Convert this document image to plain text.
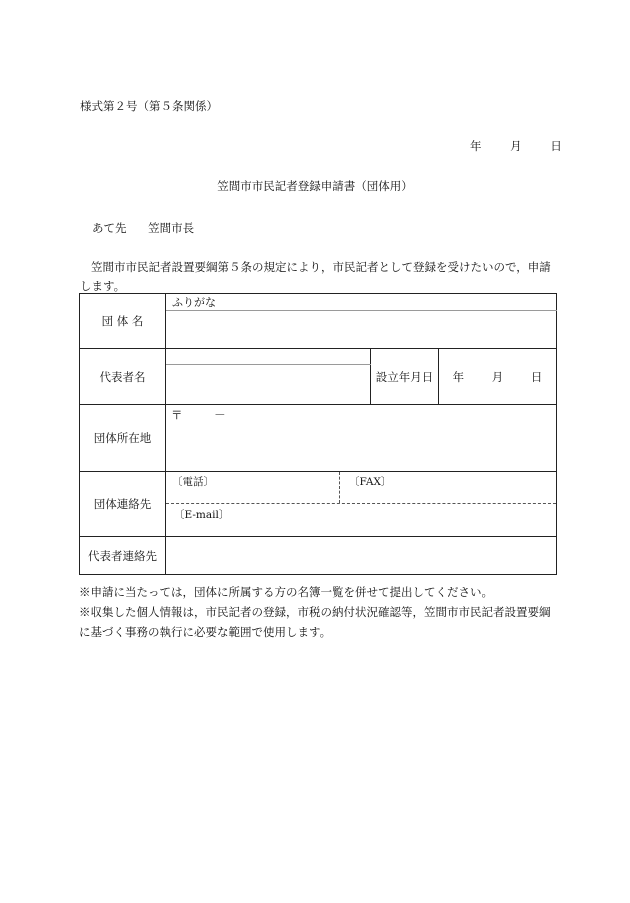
様式第２号（第５条関係）
年 月 日
笠間市市民記者登録申請書（団体用）
あて先 笠間市長
笠間市市民記者設置要綱第５条の規定により，市民記者として登録を受けたいので，申請します。
団 体 名	ふりがな		

代表者名		設立年月日	年 月 日

団体所在地	〒 －		

団体連絡先	〔電話〕 〔FAX〕
〔E-mail〕		

代表者連絡先			

※申請に当たっては，団体に所属する方の名簿一覧を併せて提出してください。

※収集した個人情報は，市民記者の登録，市税の納付状況確認等，笠間市市民記者設置要綱に基づく事務の執行に必要な範囲で使用します。
